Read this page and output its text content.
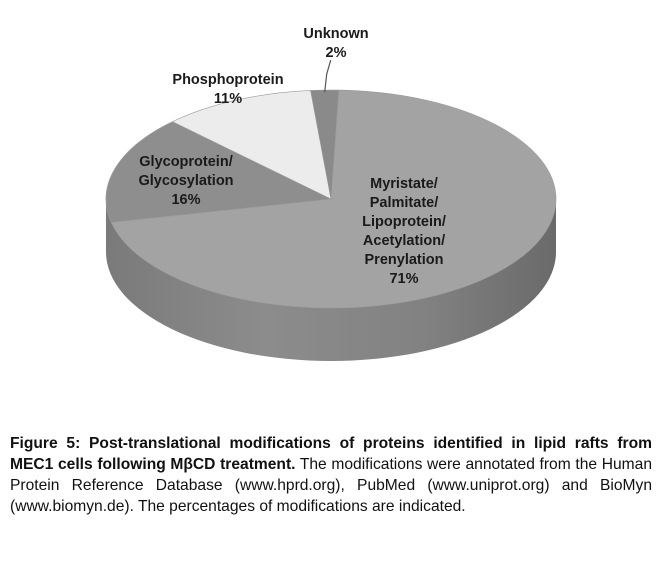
Myristate/ Palmitate/ Lipoprotein/ Acetylation/ Prenylation 71%
Glycoprotein/ Glycosylation 16%
Phosphoprotein 11%
Unknown 2%

Figure 5: Post-translational modifications of proteins identified in lipid rafts from MEC1 cells following MβCD treatment. The modifications were annotated from the Human Protein Reference Database (www.hprd.org), PubMed (www.uniprot.org) and BioMyn (www.biomyn.de). The percentages of modifications are indicated.
